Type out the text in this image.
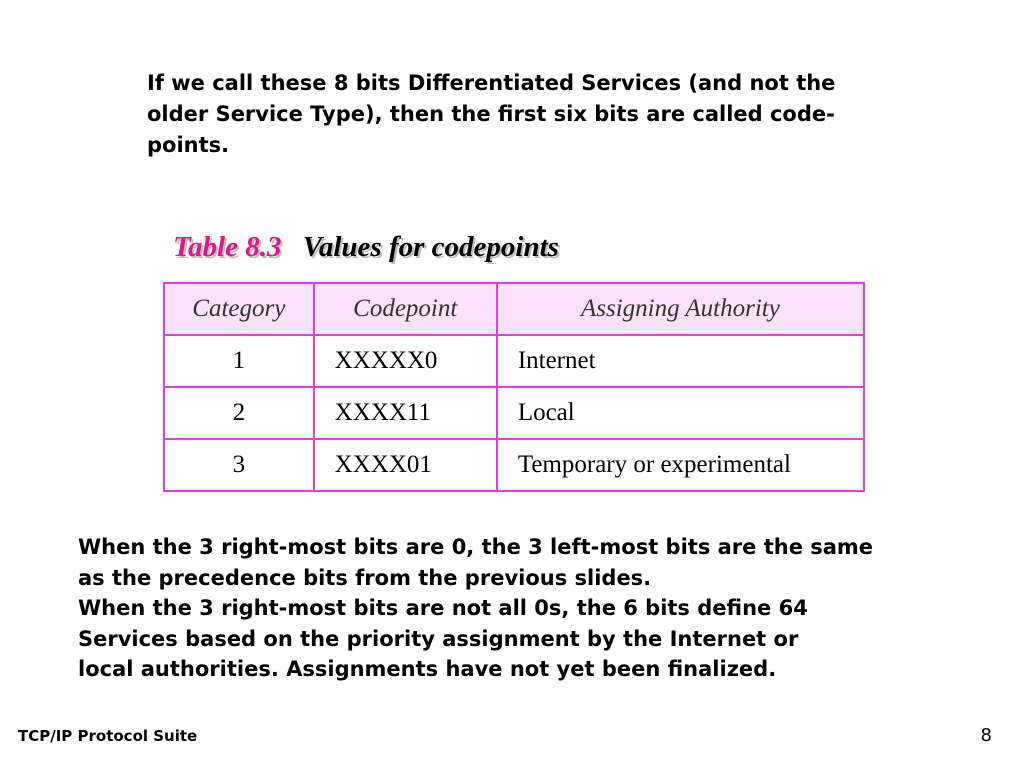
If we call these 8 bits Differentiated Services (and not the

older Service Type), then the first six bits are called code-

points.

Table 8.3 Values for codepoints
Category	Codepoint	Assigning Authority
1	XXXXX0	Internet
2	XXXX11	Local
3	XXXX01	Temporary or experimental

When the 3 right-most bits are 0, the 3 left-most bits are the same

as the precedence bits from the previous slides.

When the 3 right-most bits are not all 0s, the 6 bits define 64

Services based on the priority assignment by the Internet or

local authorities. Assignments have not yet been finalized.

TCP/IP Protocol Suite	8
